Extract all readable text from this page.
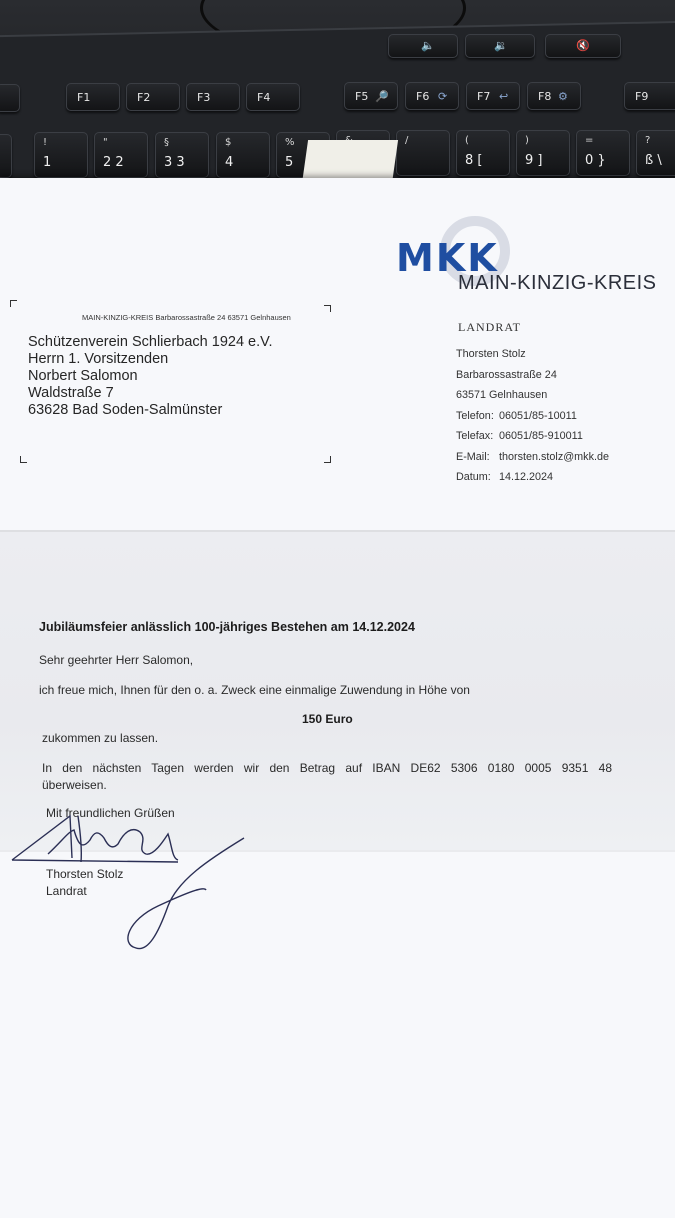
🔈	🔉	🔇
F1	F2	F3	F4	F5 🔎 F6 ⟳	F7 ↩	F8 ⚙	F9
!
1
"
2 2
§
3 3
$
4
%
5
/	(
8 [
)
9 ]
=
0 }
?
ß \
MKK
MAIN-KINZIG-KREIS
MAIN-KINZIG-KREIS Barbarossastraße 24 63571 Gelnhausen
Schützenverein Schlierbach 1924 e.V.
Herrn 1. Vorsitzenden
Norbert Salomon
Waldstraße 7
63628 Bad Soden-Salmünster
LANDRAT
Thorsten Stolz
Barbarossastraße 24
63571 Gelnhausen
Telefon: 06051/85-10011
Telefax: 06051/85-910011
E-Mail: thorsten.stolz@mkk.de
Datum: 14.12.2024
Jubiläumsfeier anlässlich 100-jähriges Bestehen am 14.12.2024
Sehr geehrter Herr Salomon,
ich freue mich, Ihnen für den o. a. Zweck eine einmalige Zuwendung in Höhe von
150 Euro
zukommen zu lassen.
In den nächsten Tagen werden wir den Betrag auf IBAN DE62 5306 0180 0005 9351 48
überweisen.
Mit freundlichen Grüßen
Thorsten Stolz
Landrat
